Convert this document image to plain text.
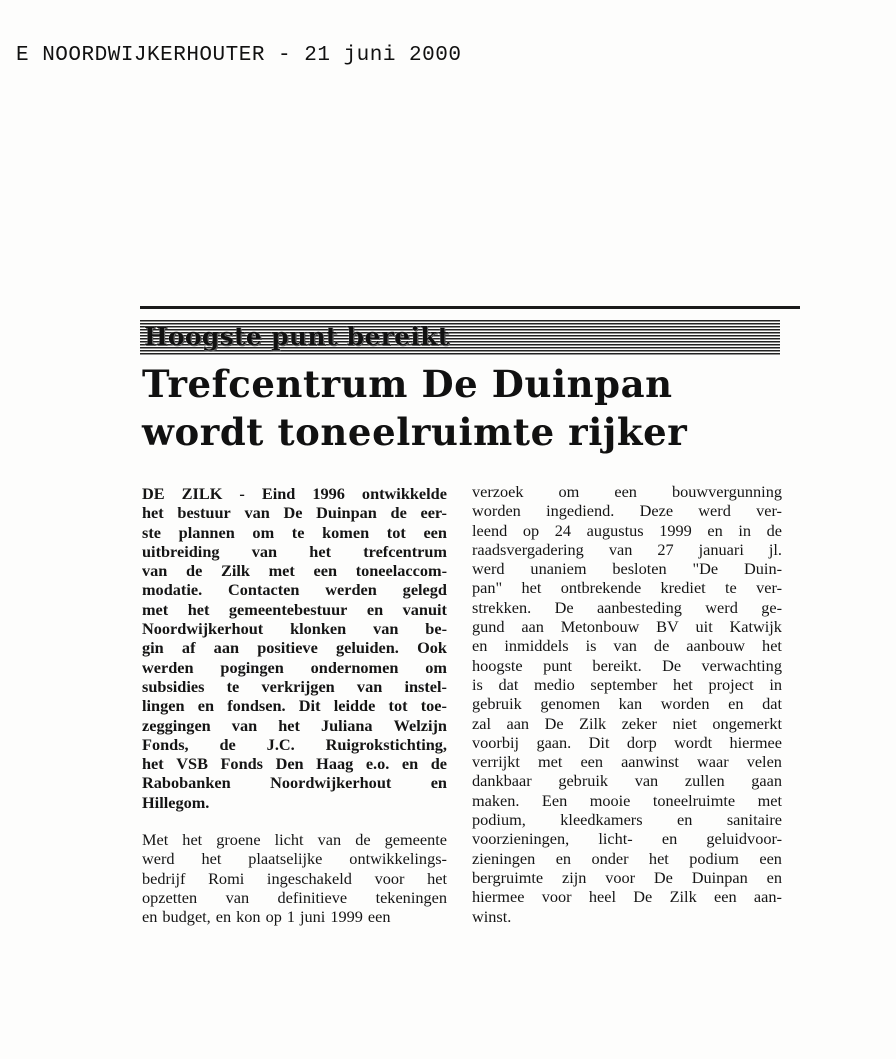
E NOORDWIJKERHOUTER - 21 juni 2000
Hoogste punt bereikt
Trefcentrum De Duinpan
wordt toneelruimte rijker
DE ZILK - Eind 1996 ontwikkelde
het bestuur van De Duinpan de eer-
ste plannen om te komen tot een
uitbreiding van het trefcentrum
van de Zilk met een toneelaccom-
modatie. Contacten werden gelegd
met het gemeentebestuur en vanuit
Noordwijkerhout klonken van be-
gin af aan positieve geluiden. Ook
werden pogingen ondernomen om
subsidies te verkrijgen van instel-
lingen en fondsen. Dit leidde tot toe-
zeggingen van het Juliana Welzijn
Fonds, de J.C. Ruigrokstichting,
het VSB Fonds Den Haag e.o. en de
Rabobanken Noordwijkerhout en
Hillegom.
Met het groene licht van de gemeente
werd het plaatselijke ontwikkelings-
bedrijf Romi ingeschakeld voor het
opzetten van definitieve tekeningen
en budget, en kon op 1 juni 1999 een
verzoek om een bouwvergunning
worden ingediend. Deze werd ver-
leend op 24 augustus 1999 en in de
raadsvergadering van 27 januari jl.
werd unaniem besloten "De Duin-
pan" het ontbrekende krediet te ver-
strekken. De aanbesteding werd ge-
gund aan Metonbouw BV uit Katwijk
en inmiddels is van de aanbouw het
hoogste punt bereikt. De verwachting
is dat medio september het project in
gebruik genomen kan worden en dat
zal aan De Zilk zeker niet ongemerkt
voorbij gaan. Dit dorp wordt hiermee
verrijkt met een aanwinst waar velen
dankbaar gebruik van zullen gaan
maken. Een mooie toneelruimte met
podium, kleedkamers en sanitaire
voorzieningen, licht- en geluidvoor-
zieningen en onder het podium een
bergruimte zijn voor De Duinpan en
hiermee voor heel De Zilk een aan-
winst.
